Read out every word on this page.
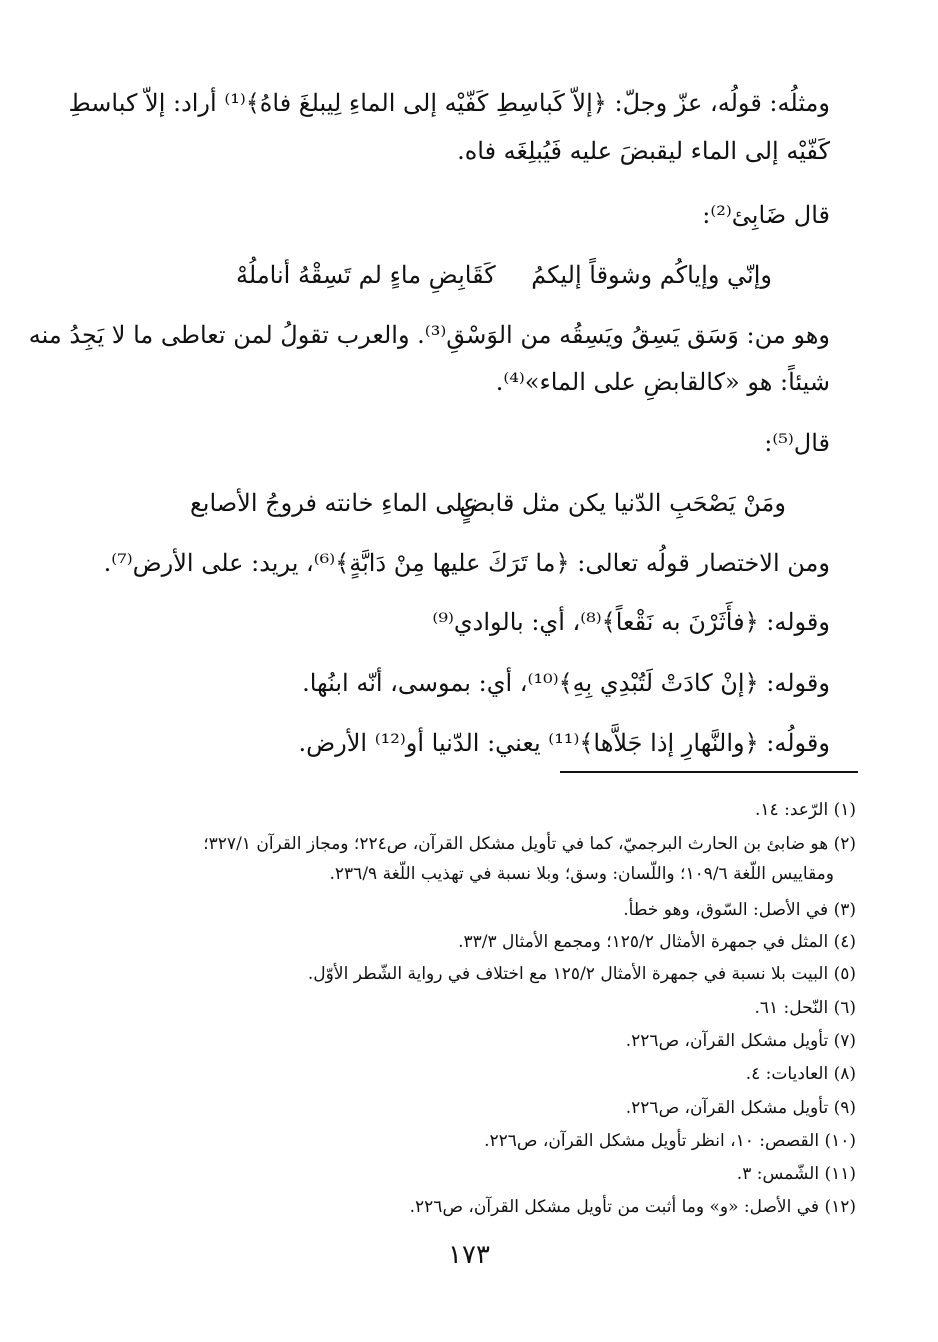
ومثلُه: قولُه، عزّ وجلّ: ﴿إلاّ كَباسِطِ كَفّيْه إلى الماءِ لِيبلغَ فاهُ﴾⁽¹⁾ أراد: إلاّ كباسطِ
كَفّيْه إلى الماء ليقبضَ عليه فَيُبلِغَه فاه.
قال ضَابِئ⁽²⁾:
وإنّي وإياكُم وشوقاً إليكمُ
كَقَابِضِ ماءٍ لم تَسِقْهُ أناملُهْ
وهو من: وَسَق يَسِقُ ويَسِقُه من الوَسْقِ⁽³⁾. والعرب تقولُ لمن تعاطى ما لا يَجِدُ منه
شيئاً: هو «كالقابضِ على الماء»⁽⁴⁾.
قال⁽⁵⁾:
ومَنْ يَصْحَبِ الدّنيا يكن مثل قابضٍ
على الماءِ خانته فروجُ الأصابع
ومن الاختصار قولُه تعالى: ﴿ما تَرَكَ عليها مِنْ دَابَّةٍ﴾⁽⁶⁾، يريد: على الأرض⁽⁷⁾.
وقوله: ﴿فأَثَرْنَ به نَقْعاً﴾⁽⁸⁾، أي: بالوادي⁽⁹⁾
وقوله: ﴿إنْ كادَتْ لَتُبْدِي بِهِ﴾⁽¹⁰⁾، أي: بموسى، أنّه ابنُها.
وقولُه: ﴿والنَّهارِ إذا جَلاَّها﴾⁽¹¹⁾ يعني: الدّنيا أو⁽¹²⁾ الأرض.
(١) الرّعد: ١٤.
(٢) هو ضابئ بن الحارث البرجميّ، كما في تأويل مشكل القرآن، ص٢٢٤؛ ومجاز القرآن ٣٢٧/١؛
ومقاييس اللّغة ١٠٩/٦؛ واللّسان: وسق؛ وبلا نسبة في تهذيب اللّغة ٢٣٦/٩.
(٣) في الأصل: السّوق، وهو خطأ.
(٤) المثل في جمهرة الأمثال ١٢٥/٢؛ ومجمع الأمثال ٣٣/٣.
(٥) البيت بلا نسبة في جمهرة الأمثال ١٢٥/٢ مع اختلاف في رواية الشّطر الأوّل.
(٦) النّحل: ٦١.
(٧) تأويل مشكل القرآن، ص٢٢٦.
(٨) العاديات: ٤.
(٩) تأويل مشكل القرآن، ص٢٢٦.
(١٠) القصص: ١٠، انظر تأويل مشكل القرآن، ص٢٢٦.
(١١) الشّمس: ٣.
(١٢) في الأصل: «و» وما أثبت من تأويل مشكل القرآن، ص٢٢٦.
١٧٣
